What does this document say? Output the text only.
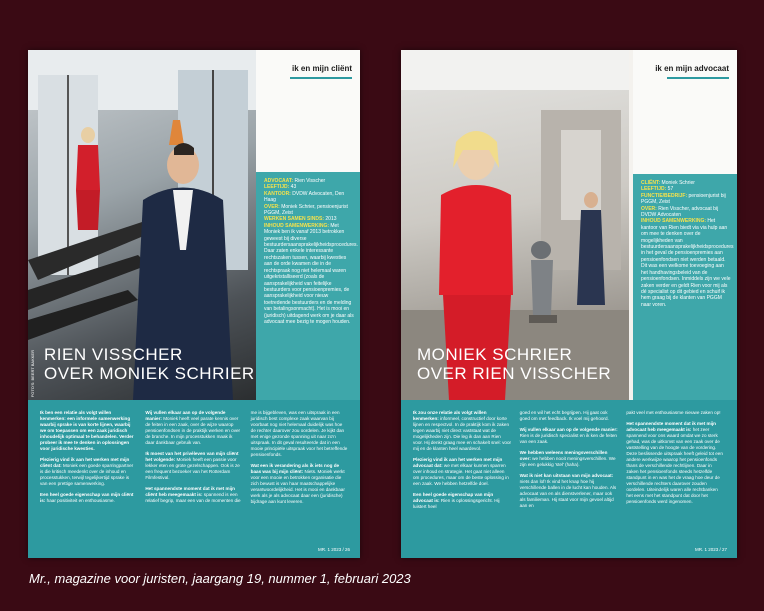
ik en mijn cliënt

ADVOCAAT: Rien Visscher

LEEFTIJD: 43

KANTOOR: DVDW Advocaten, Den Haag

OVER: Moniek Schrier, pensioenjurist PGGM, Zeist

WERKEN SAMEN SINDS: 2013

INHOUD SAMENWERKING: Met Moniek ben ik vanaf 2013 betrokken geweest bij diverse bestuurdersaansprakelijkheidsprocedures. Daar zaten enkele interessante rechtszaken tussen, waarbij kwesties aan de orde kwamen die in de rechtspraak nog niet helemaal waren uitgekristalliseerd (zoals de aansprakelijkheid van feitelijke bestuurders voor pensioenpremies, de aansprakelijkheid voor nieuw toetredende bestuurders en de melding van betalingsonmacht). Het is mooi en (juridisch) uitdagend werk om je daar als advocaat mee bezig te mogen houden.

FOTO'S: BEERT BAKKER RIEN VISSCHER
OVER MONIEK SCHRIER

Ik ben een relatie als volgt willen kenmerken: een informele samenwerking waarbij sprake is van korte lijnen, waarbij we om toepassen om een zaak juridisch inhoudelijk optimaal te behandelen. Verder probeer ik mee te denken in oplossingen voor juridische kwesties.

Plezierig vind ik aan het werken met mijn cliënt dat: Moniek een goede sparringpartner is die kritisch meedenkt over de inhoud en processtukken, terwijl tegelijkertijd sprake is van een prettige samenwerking.

Een heel goede eigenschap van mijn cliënt is: haar positiviteit en enthousiasme.

Wij vullen elkaar aan op de volgende manier: Moniek heeft veel parate kennis over de feiten in een zaak, over de wijze waarop pensioenfondsen in de praktijk werken en over de branche. In mijn processtukken maak ik daar dankbaar gebruik van.

Ik moest van het privéleven van mijn cliënt het volgende: Moniek heeft een passie voor lekker eten en grote gezelschappen. Ook is ze een frequent bezoeker van het Rotterdam Filmfestival.

Het spannendste moment dat ik met mijn cliënt heb meegemaakt is: spannend is een relatief begrip, maar een van de momenten die

me is bijgebleven, was een uitspraak in een juridisch best complexe zaak waarvan bij voorbaat nog niet helemaal duidelijk was hoe de rechter daarover zou oordelen. Je kijkt dan met enige gezonde spanning uit naar zo'n uitspraak. In dit geval resulteerde dat in een mooie principiële uitspraak voor het betreffende pensioenfonds.

Wat een ik verandering als ik iets nog de baas was bij mijn cliënt: Niets. Moniek werkt voor een mooie en betrokken organisatie die zich bewust is van haar maatschappelijke verantwoordelijkheid. Het is mooi en dankbaar werk als je als advocaat daar een (juridische) bijdrage aan kunt leveren.

MR. 1 2023 / 26
ik en mijn advocaat

CLIËNT: Moniek Schrier

LEEFTIJD: 57

FUNCTIE/BEDRIJF: pensioenjurist bij PGGM, Zeist

OVER: Rien Visscher, advocaat bij DVDW Advocaten

INHOUD SAMENWERKING: Het kantoor van Rien biedt via via hulp aan om mee te denken over de mogelijkheden van bestuurdersaansprakelijkheidsprocedures in het geval de pensioenpremies aan pensioenfondsen niet werden betaald. Dit was een welkome toevoeging aan het handhavingsbeleid van de pensioenfondsen. Inmiddels zijn we vele zaken verder en geldt Rien voor mij als dé specialist op dit gebied en schuif ik hem graag bij de klanten van PGGM naar voren.

MONIEK SCHRIER
OVER RIEN VISSCHER

Ik zou onze relatie als volgt willen kenmerken: informeel, constructief door korte lijnen en respectvol. In de praktijk kom ik zaken tegen waarbij niet direct vaststaat wat de mogelijkheden zijn. Die leg ik dan aan Rien voor. Hij denkt graag mee en schakelt snel: voor mij en de klanten heel waardevol.

Plezierig vind ik aan het werken met mijn advocaat dat: we met elkaar kunnen sparren over inhoud en strategie. Het gaat niet alleen om procedures, maar om de beste oplossing in een zaak. We hebben hetzelfde doel.

Een heel goede eigenschap van mijn advocaat is: Rien is oplossingsgericht. Hij luistert heel

goed en wil het echt begrijpen. Hij gaat ook goed om met feedback. Ik voel mij gehoord.

Wij vullen elkaar aan op de volgende manier: Rien is de juridisch specialist en ik ken de feiten van een zaak.

We hebben weleens meningsverschillen over: we hebben nooit meningsverschillen. We zijn een gelukkig 'stel' (haha).

Wat ik niet kan uitstaan van mijn advocaat: niets dan lof! Ik vind het knap hoe hij verschillende ballen in de lucht kan houden. Als advocaat van en als dienstverlener, maar ook als familieman. Hij staat voor mijn gevoel altijd aan en

pakt veel met enthousiasme nieuwe zaken op!

Het spannendste moment dat ik met mijn advocaat heb meegemaakt is: het zeer spannend voor ons waard omdat we zo sterk gehad, was de uitkomst van een zaak over de vaststelling van de hoogte van de vordering. Deze beslissende uitspraak heeft geleid tot een andere werkwijze waarop het pensioenfonds thans de verschillende rechtlijnen. Daar in zaken het pensioenfonds steeds hetzelfde standpunt in en was het de vraag hoe deur de verschillende rechters daarover zouden oordelen. Uiteindelijk waren alle rechtbanken het eens met het standpunt dat door het pensioenfonds werd ingenomen.

MR. 1 2023 / 27
Mr., magazine voor juristen, jaargang 19, nummer 1, februari 2023
